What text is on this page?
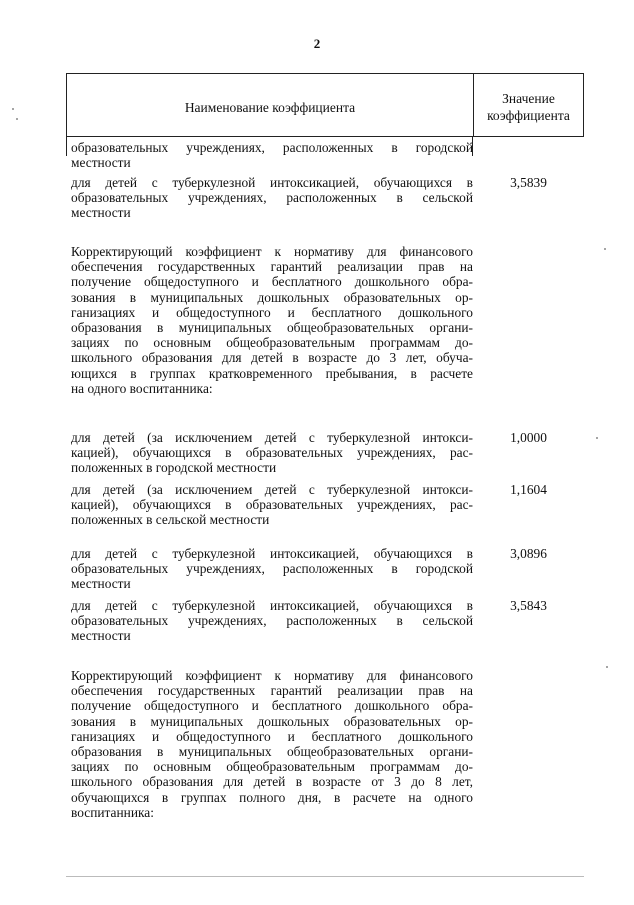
2
Наименование коэффициента
Значение
коэффициента
образовательных учреждениях, расположенных в городской
местности
для детей с туберкулезной интоксикацией, обучающихся в
образовательных учреждениях, расположенных в сельской
местности
3,5839
Корректирующий коэффициент к нормативу для финансового
обеспечения государственных гарантий реализации прав на
получение общедоступного и бесплатного дошкольного обра-
зования в муниципальных дошкольных образовательных ор-
ганизациях и общедоступного и бесплатного дошкольного
образования в муниципальных общеобразовательных органи-
зациях по основным общеобразовательным программам до-
школьного образования для детей в возрасте до 3 лет, обуча-
ющихся в группах кратковременного пребывания, в расчете
на одного воспитанника:
для детей (за исключением детей с туберкулезной интокси-
кацией), обучающихся в образовательных учреждениях, рас-
положенных в городской местности
1,0000
для детей (за исключением детей с туберкулезной интокси-
кацией), обучающихся в образовательных учреждениях, рас-
положенных в сельской местности
1,1604
для детей с туберкулезной интоксикацией, обучающихся в
образовательных учреждениях, расположенных в городской
местности
3,0896
для детей с туберкулезной интоксикацией, обучающихся в
образовательных учреждениях, расположенных в сельской
местности
3,5843
Корректирующий коэффициент к нормативу для финансового
обеспечения государственных гарантий реализации прав на
получение общедоступного и бесплатного дошкольного обра-
зования в муниципальных дошкольных образовательных ор-
ганизациях и общедоступного и бесплатного дошкольного
образования в муниципальных общеобразовательных органи-
зациях по основным общеобразовательным программам до-
школьного образования для детей в возрасте от 3 до 8 лет,
обучающихся в группах полного дня, в расчете на одного
воспитанника:
